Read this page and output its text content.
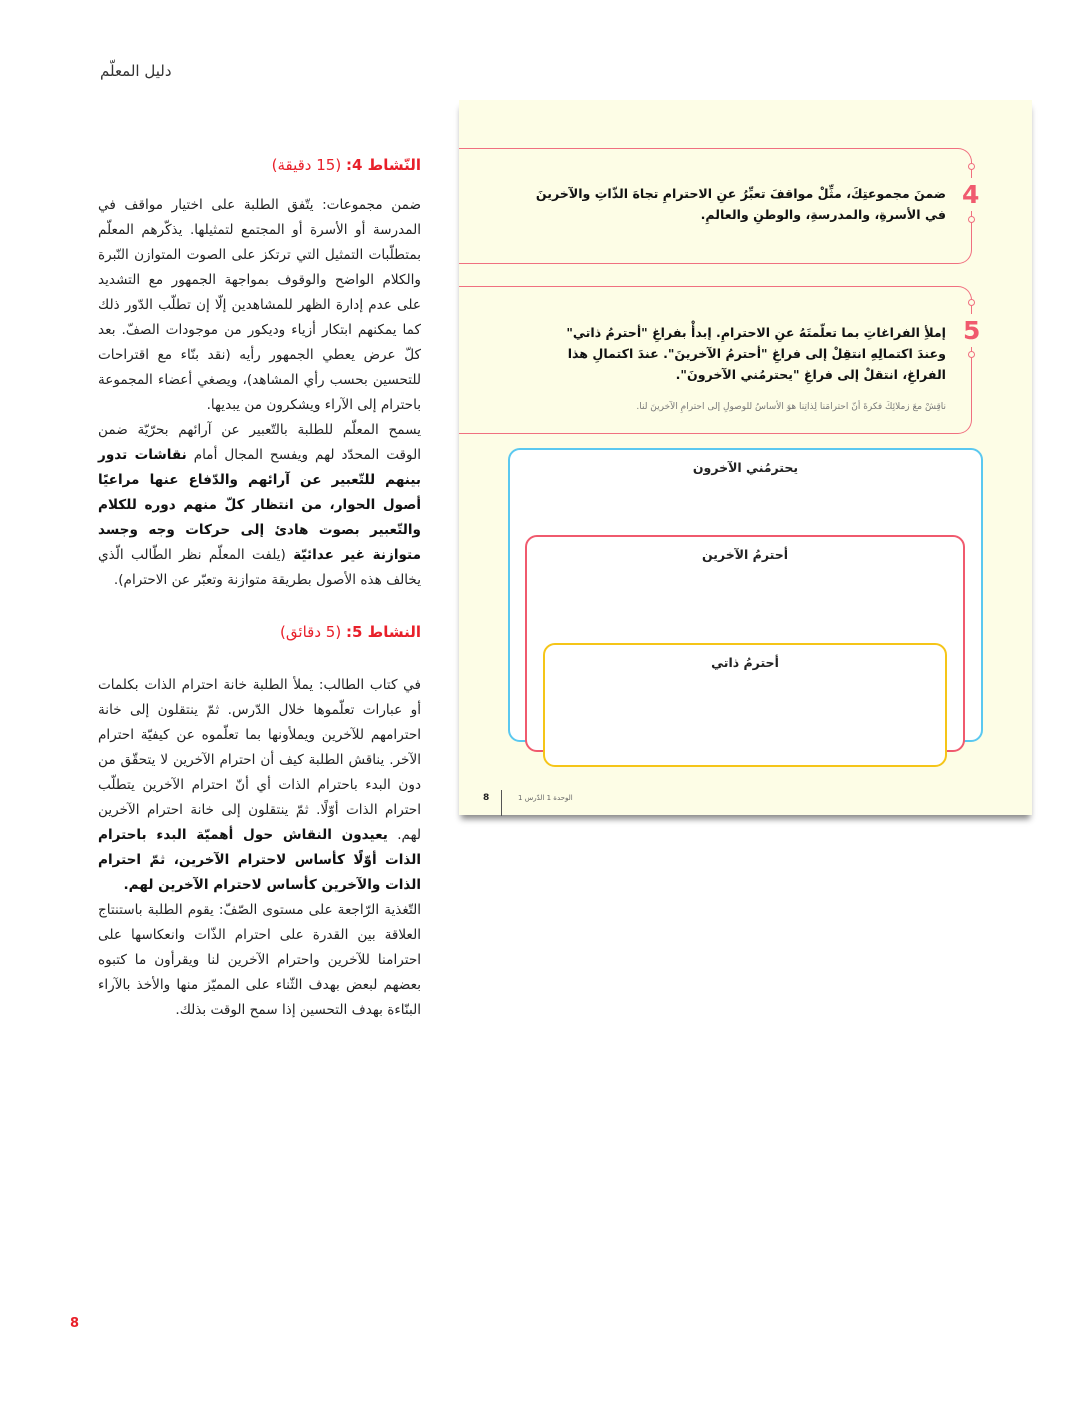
دليل المعلّم
النّشاط 4: (15 دقيقة)

ضمن مجموعات: يتّفق الطلبة على اختيار مواقف في المدرسة أو الأسرة أو المجتمع لتمثيلها. يذكّرهم المعلّم بمتطلّبات التمثيل التي ترتكز على الصوت المتوازن النّبرة والكلام الواضح والوقوف بمواجهة الجمهور مع التشديد على عدم إدارة الظهر للمشاهدين إلّا إن تطلّب الدّور ذلك كما يمكنهم ابتكار أزياء وديكور من موجودات الصفّ. بعد كلّ عرض يعطي الجمهور رأيه (نقد بنّاء مع اقتراحات للتحسين بحسب رأي المشاهد)، ويصغي أعضاء المجموعة باحترام إلى الآراء ويشكرون من يبديها.

يسمح المعلّم للطلبة بالتّعبير عن آرائهم بحرّيّة ضمن الوقت المحدّد لهم ويفسح المجال أمام نقاشات تدور بينهم للتّعبير عن آرائهم والدّفاع عنها مراعيًا أصول الحوار، من انتظار كلّ منهم دوره للكلام والتّعبير بصوت هادئ إلى حركات وجه وجسد متوازنة غير عدائيّة (يلفت المعلّم نظر الطّالب الّذي يخالف هذه الأصول بطريقة متوازنة وتعبّر عن الاحترام).

النشاط 5: (5 دقائق)

في كتاب الطالب: يملأ الطلبة خانة احترام الذات بكلمات أو عبارات تعلّموها خلال الدّرس. ثمّ ينتقلون إلى خانة احترامهم للآخرين ويملأونها بما تعلّموه عن كيفيّة احترام الآخر. يناقش الطلبة كيف أن احترام الآخرين لا يتحقّق من دون البدء باحترام الذات أي أنّ احترام الآخرين يتطلّب احترام الذات أوّلًا. ثمّ ينتقلون إلى خانة احترام الآخرين لهم. يعيدون النقاش حول أهميّة البدء باحترام الذات أوّلًا كأساس لاحترام الآخرين، ثمّ احترام الذات والآخرين كأساس لاحترام الآخرين لهم.

التّغذية الرّاجعة على مستوى الصّفّ: يقوم الطلبة باستنتاج العلاقة بين القدرة على احترام الذّات وانعكاسها على احترامنا للآخرين واحترام الآخرين لنا ويقرأون ما كتبوه بعضهم لبعض بهدف الثّناء على المميّز منها والأخذ بالآراء البنّاءة بهدف التحسين إذا سمح الوقت بذلك.

8
4
ضمنَ مجموعتِكَ، مثِّلْ مواقفَ تعبِّرُ عنِ الاحترامِ تجاهَ الذّاتِ والآخرينَ في الأسرةِ، والمدرسةِ، والوطنِ والعالمِ.
5
إملأِ الفراغاتِ بما تعلّمتَهُ عنِ الاحترامِ. إبدأْ بفراغِ "أحترمُ ذاتي" وعندَ اكتمالِهِ انتقِلْ إلى فراغِ "أحترمُ الآخرينَ". عندَ اكتمالِ هذا الفراغِ، انتقلْ إلى فراغِ "يحترمُني الآخرونَ".
ناقِشْ معَ زملائِكَ فكرةَ أنّ احترامَنا لِذاتِنا هوَ الأساسُ للوصولِ إلى احترامِ الآخرينَ لنا.
يحترمُني الآخرون
أحترمُ الآخرين
أحترمُ ذاتي
8	الوحدة 1 الدّرس 1
